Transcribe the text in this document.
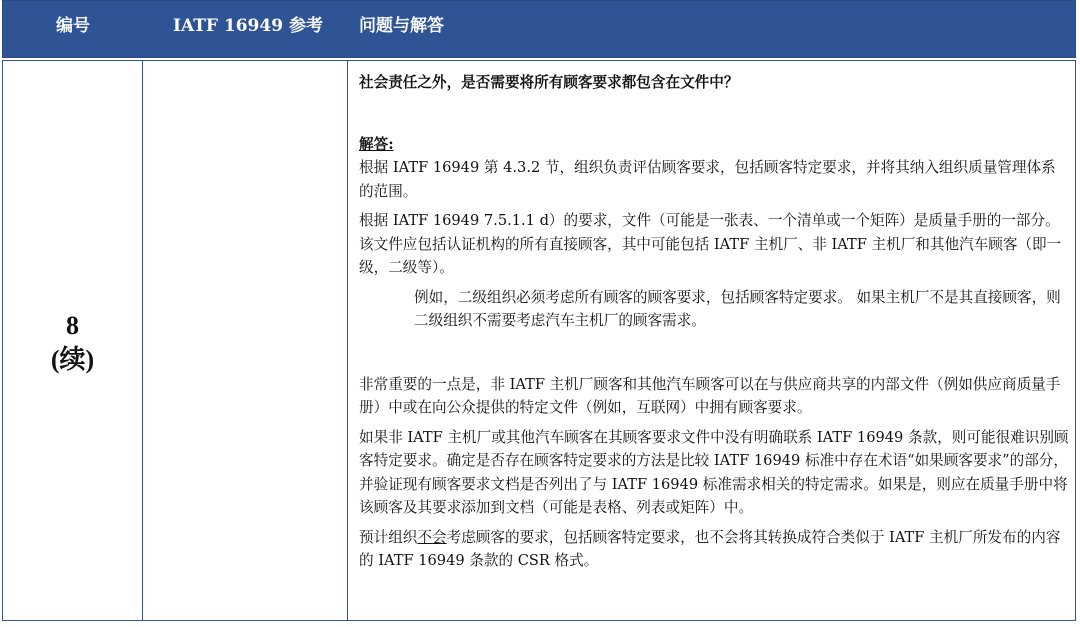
编号	IATF 16949 参考	问题与解答
8
(续)

社会责任之外，是否需要将所有顾客要求都包含在文件中？

解答:

根据 IATF 16949 第 4.3.2 节，组织负责评估顾客要求，包括顾客特定要求，并将其纳入组织质量管理体系的范围。

根据 IATF 16949 7.5.1.1 d）的要求，文件（可能是一张表、一个清单或一个矩阵）是质量手册的一部分。 该文件应包括认证机构的所有直接顾客，其中可能包括 IATF 主机厂、非 IATF 主机厂和其他汽车顾客（即一级，二级等）。

例如，二级组织必须考虑所有顾客的顾客要求，包括顾客特定要求。 如果主机厂不是其直接顾客，则二级组织不需要考虑汽车主机厂的顾客需求。

非常重要的一点是，非 IATF 主机厂顾客和其他汽车顾客可以在与供应商共享的内部文件（例如供应商质量手册）中或在向公众提供的特定文件（例如，互联网）中拥有顾客要求。

如果非 IATF 主机厂或其他汽车顾客在其顾客要求文件中没有明确联系 IATF 16949 条款，则可能很难识别顾客特定要求。确定是否存在顾客特定要求的方法是比较 IATF 16949 标准中存在术语“如果顾客要求”的部分，并验证现有顾客要求文档是否列出了与 IATF 16949 标准需求相关的特定需求。如果是，则应在质量手册中将该顾客及其要求添加到文档（可能是表格、列表或矩阵）中。

预计组织不会考虑顾客的要求，包括顾客特定要求，也不会将其转换成符合类似于 IATF 主机厂所发布的内容的 IATF 16949 条款的 CSR 格式。
